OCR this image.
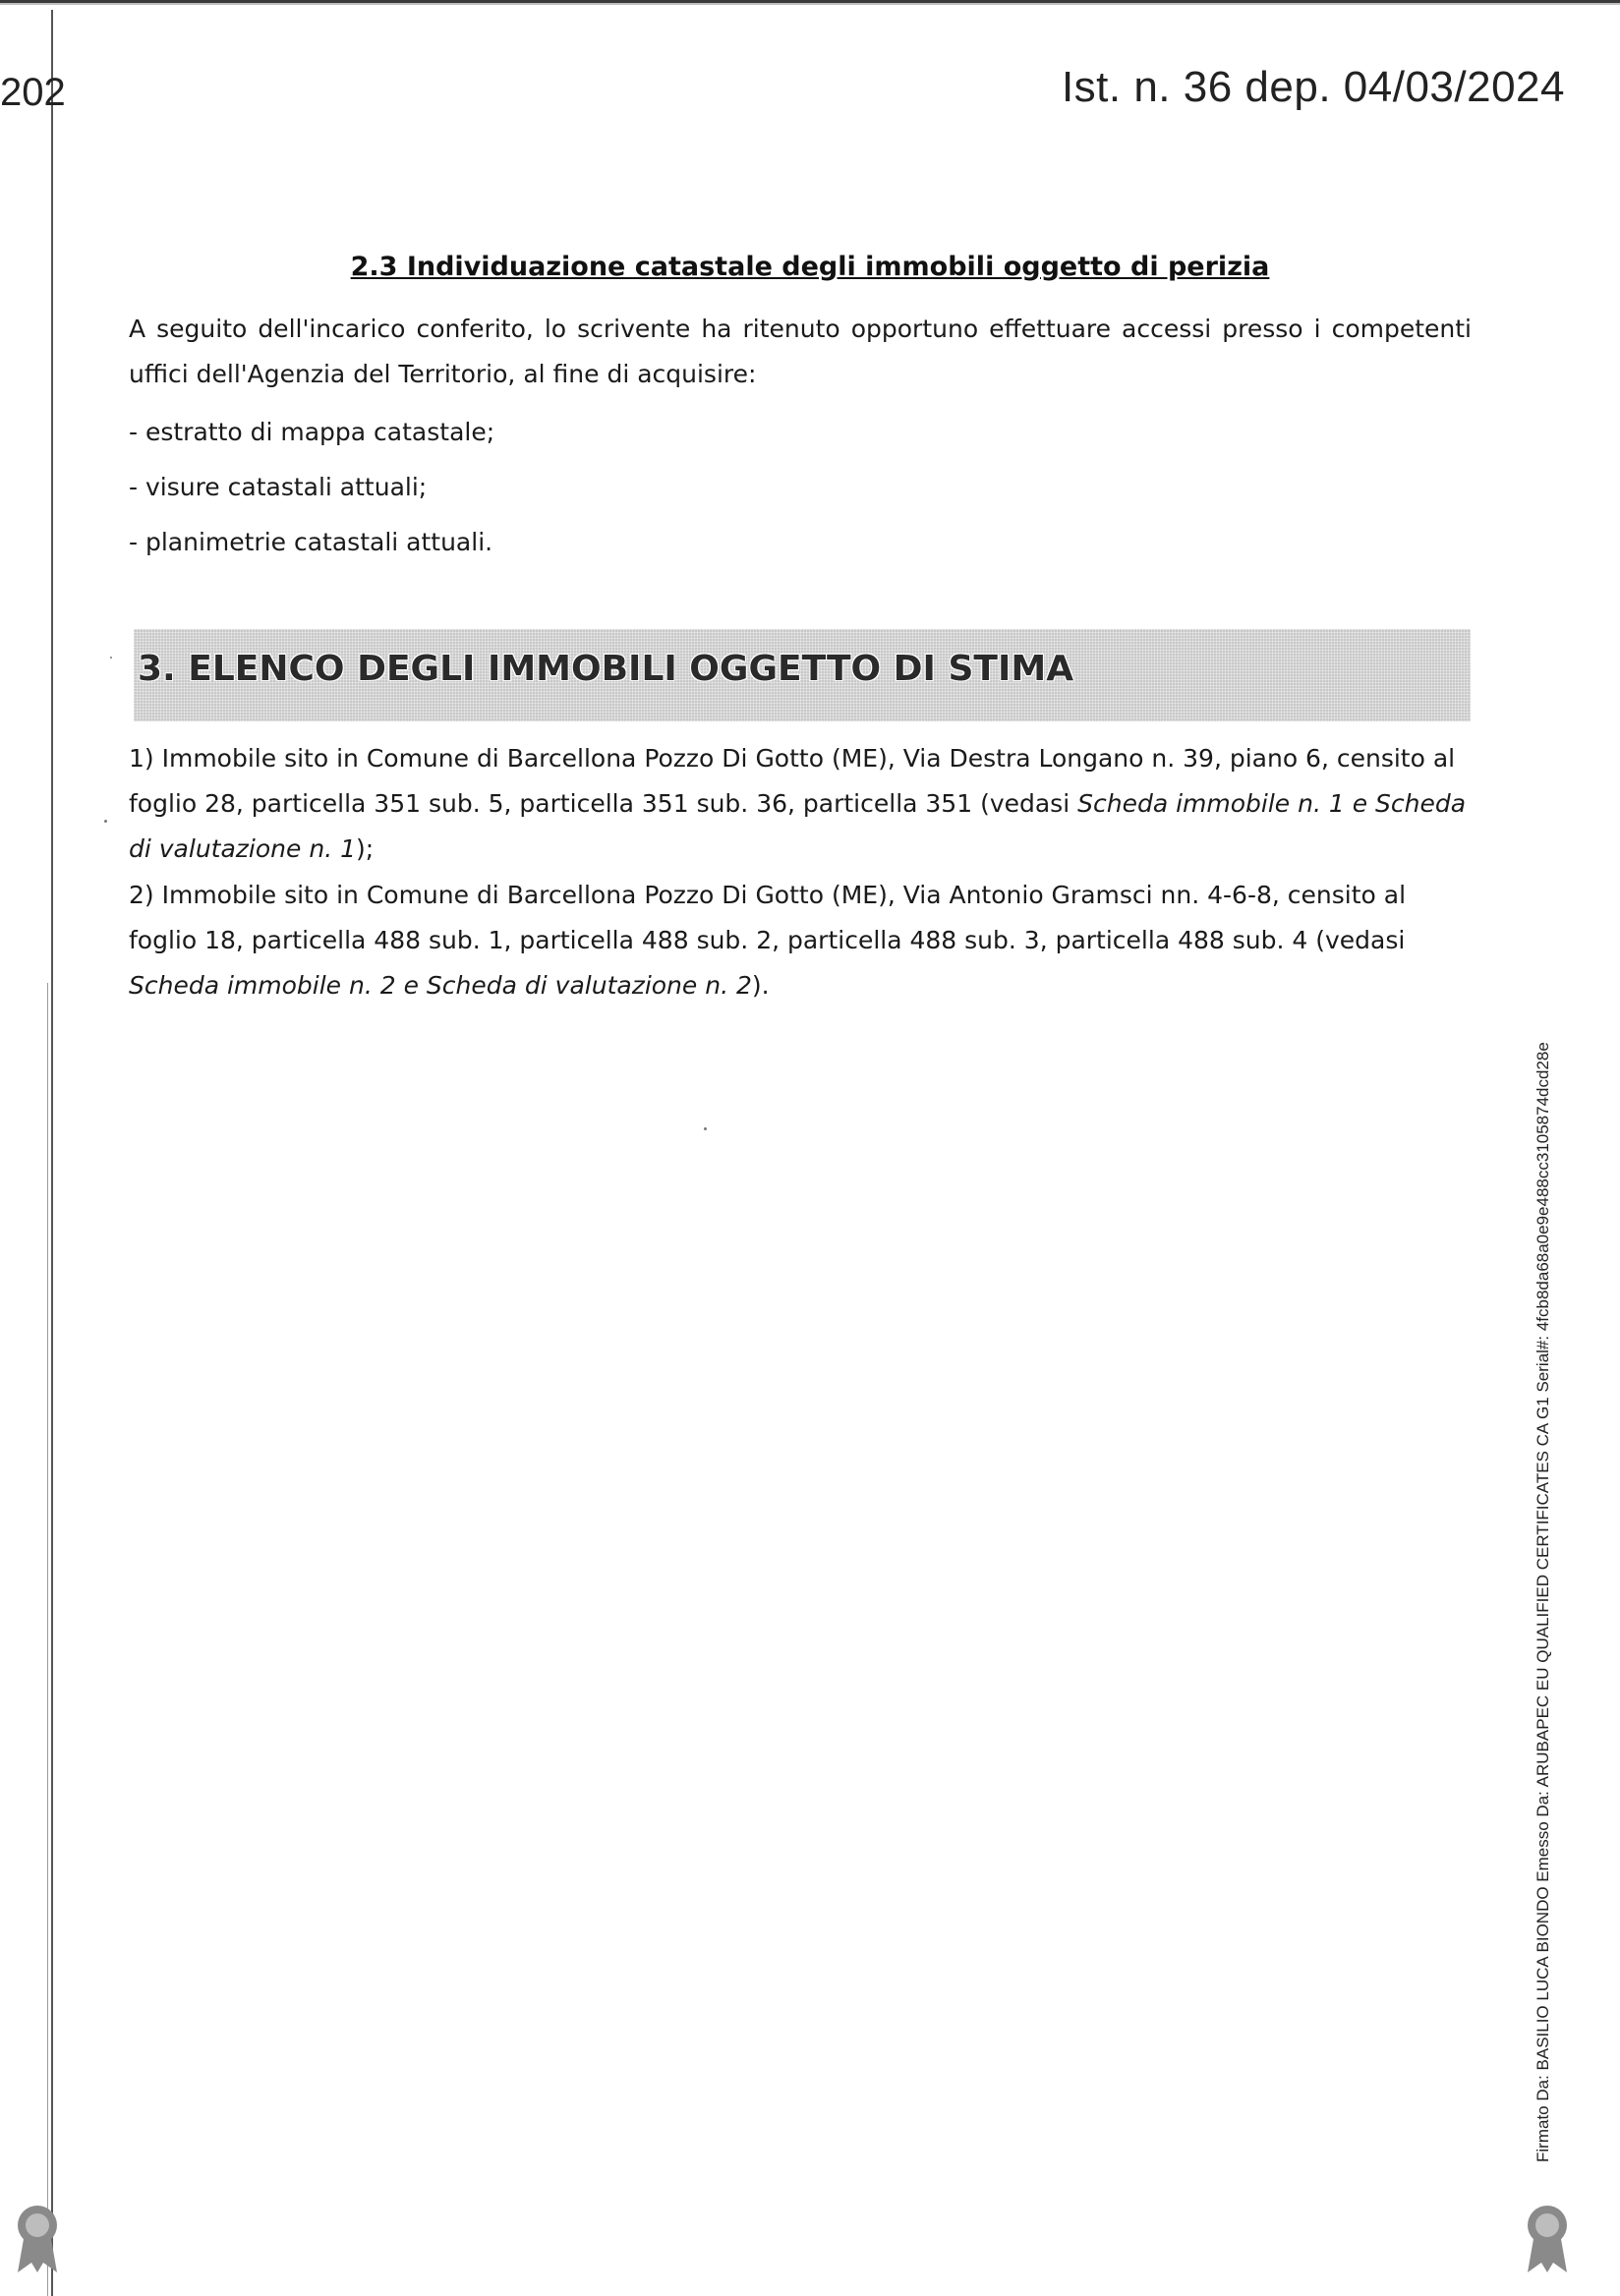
202	Ist. n. 36 dep. 04/03/2024
2.3 Individuazione catastale degli immobili oggetto di perizia
A seguito dell'incarico conferito, lo scrivente ha ritenuto opportuno effettuare accessi presso i competenti uffici dell'Agenzia del Territorio, al fine di acquisire:
- estratto di mappa catastale;
- visure catastali attuali;
- planimetrie catastali attuali.
3. ELENCO DEGLI IMMOBILI OGGETTO DI STIMA
1) Immobile sito in Comune di Barcellona Pozzo Di Gotto (ME), Via Destra Longano n. 39, piano 6, censito al foglio 28, particella 351 sub. 5, particella 351 sub. 36, particella 351 (vedasi Scheda immobile n. 1 e Scheda di valutazione n. 1);
2) Immobile sito in Comune di Barcellona Pozzo Di Gotto (ME), Via Antonio Gramsci nn. 4-6-8, censito al foglio 18, particella 488 sub. 1, particella 488 sub. 2, particella 488 sub. 3, particella 488 sub. 4 (vedasi Scheda immobile n. 2 e Scheda di valutazione n. 2).
Firmato Da: BASILIO LUCA BIONDO Emesso Da: ARUBAPEC EU QUALIFIED CERTIFICATES CA G1 Serial#: 4fcb8da68a0e9e488cc3105874dcd28e
